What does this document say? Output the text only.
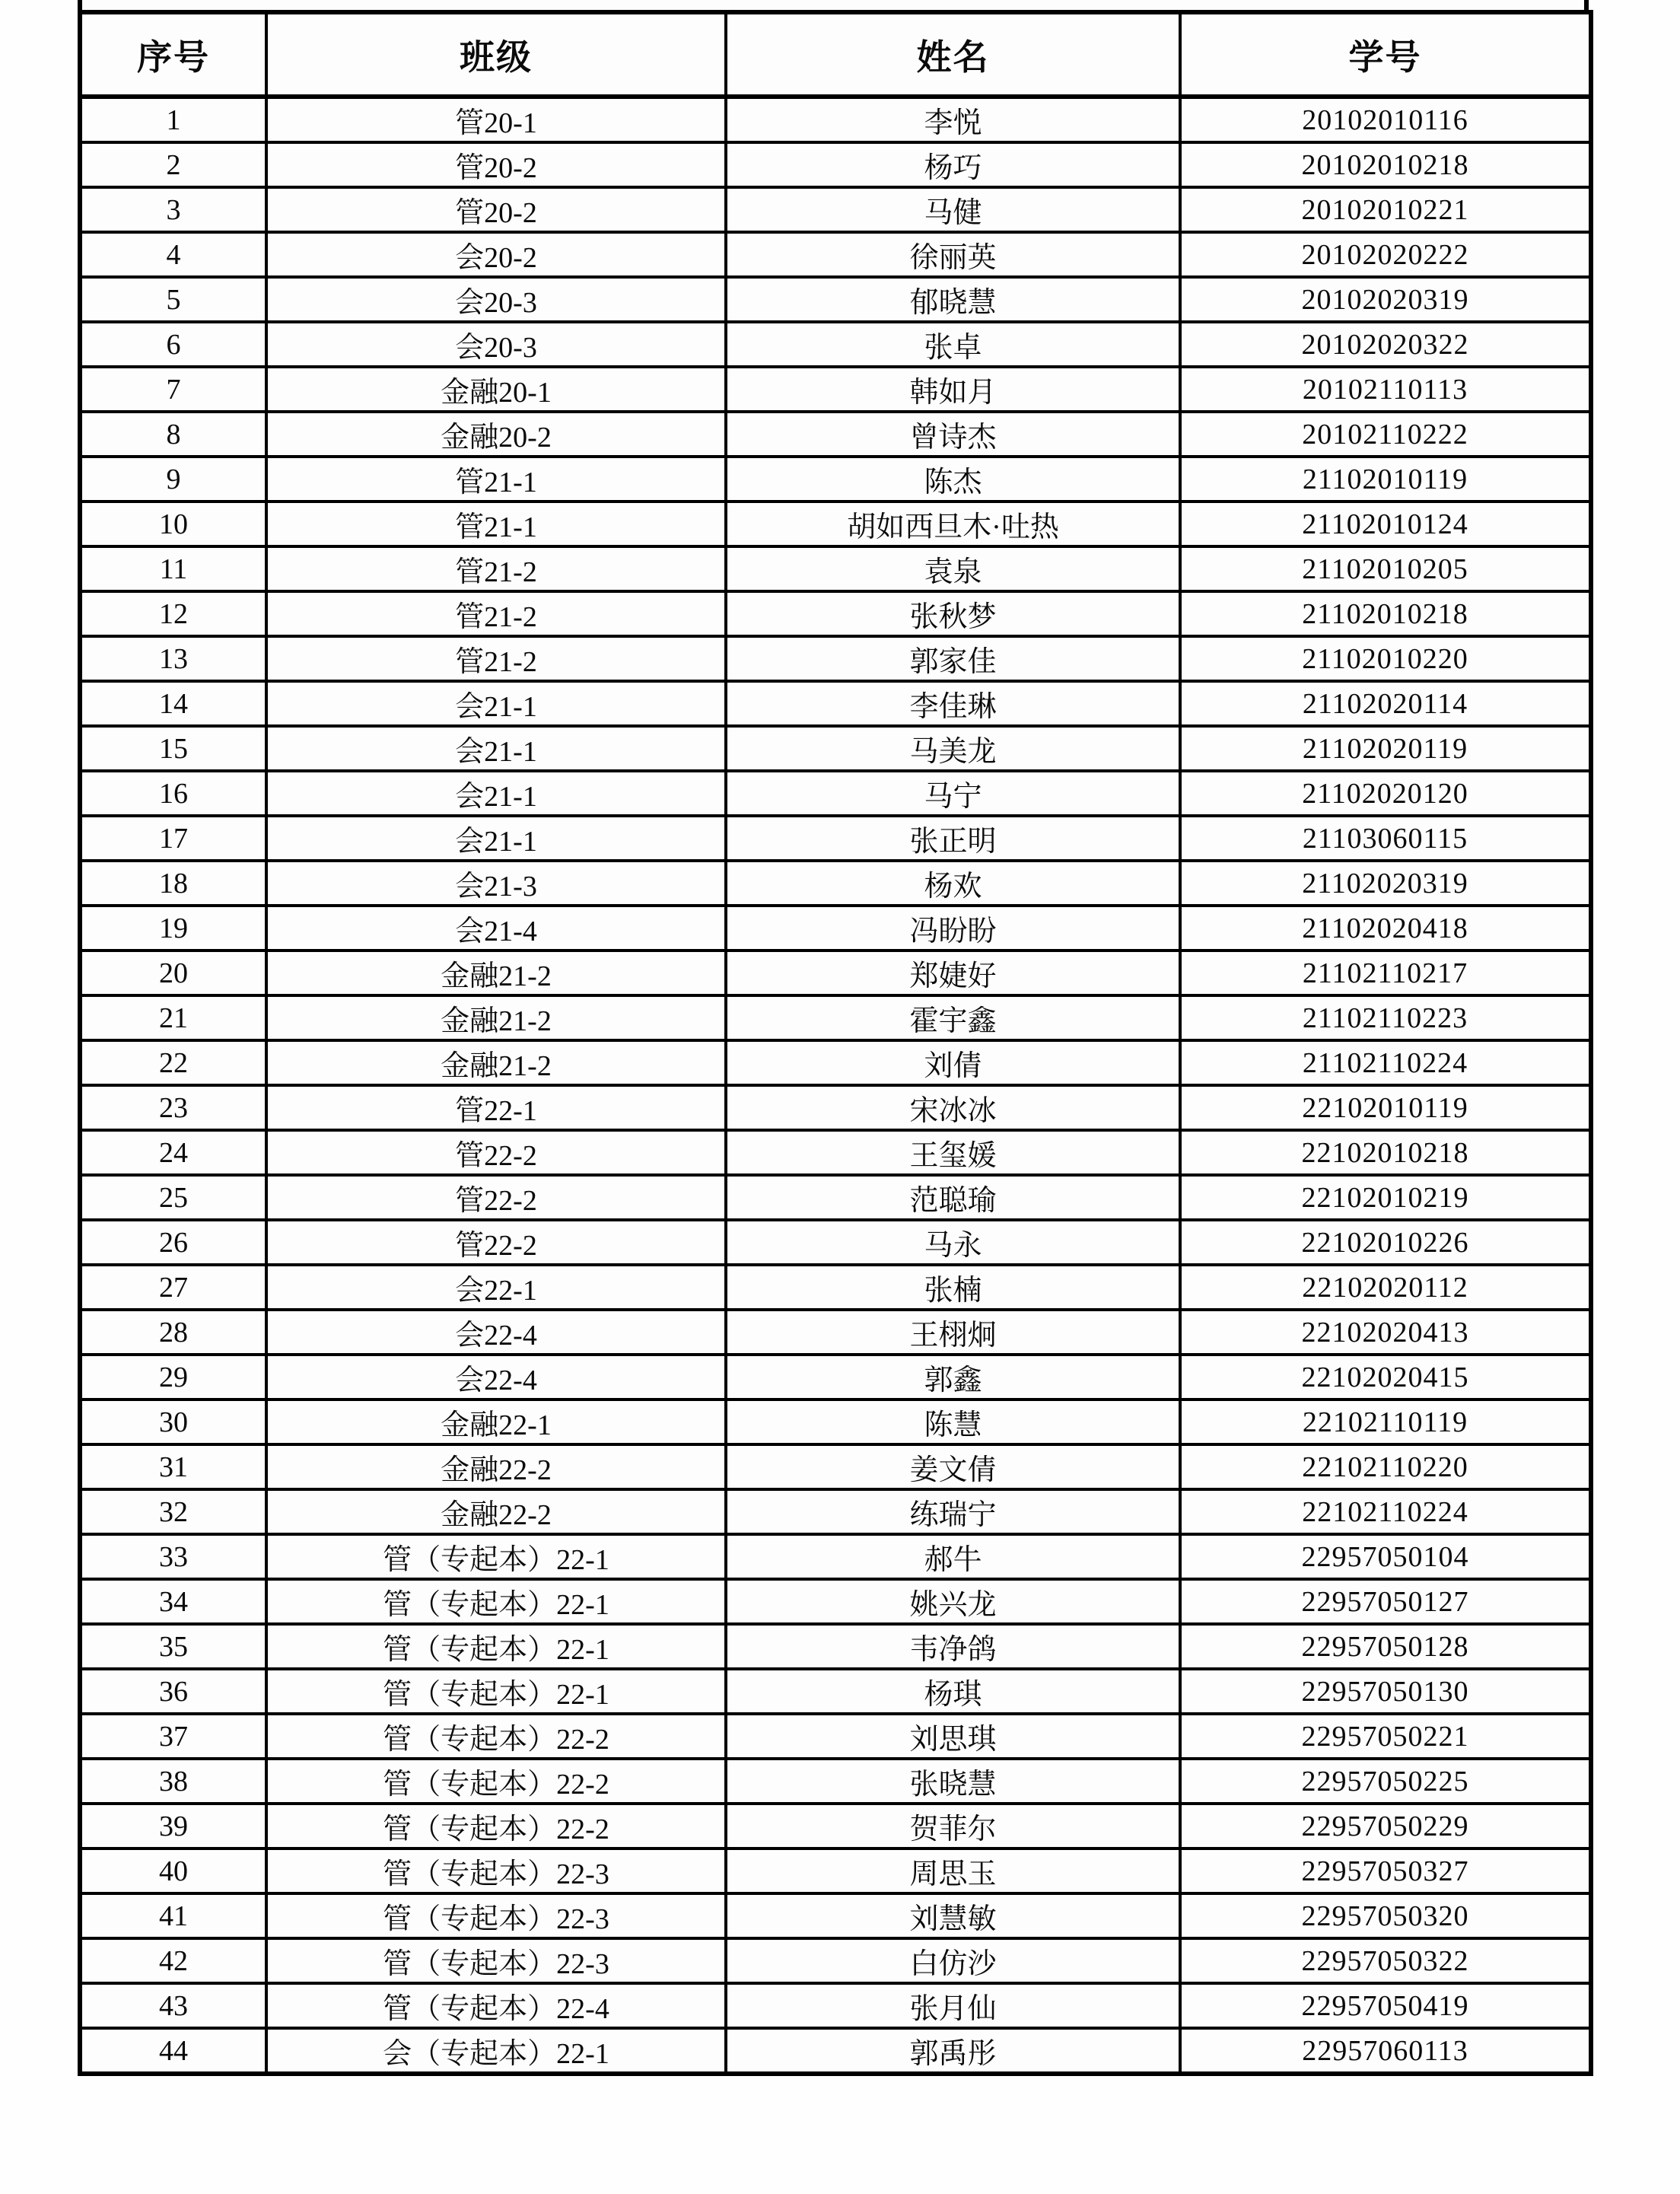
序号	班级	姓名	学号
1	管20-1	李悦	20102010116
2	管20-2	杨巧	20102010218
3	管20-2	马健	20102010221
4	会20-2	徐丽英	20102020222
5	会20-3	郁晓慧	20102020319
6	会20-3	张卓	20102020322
7	金融20-1	韩如月	20102110113
8	金融20-2	曾诗杰	20102110222
9	管21-1	陈杰	21102010119
10	管21-1	胡如西旦木·吐热	21102010124
11	管21-2	袁泉	21102010205
12	管21-2	张秋梦	21102010218
13	管21-2	郭家佳	21102010220
14	会21-1	李佳琳	21102020114
15	会21-1	马美龙	21102020119
16	会21-1	马宁	21102020120
17	会21-1	张正明	21103060115
18	会21-3	杨欢	21102020319
19	会21-4	冯盼盼	21102020418
20	金融21-2	郑婕好	21102110217
21	金融21-2	霍宇鑫	21102110223
22	金融21-2	刘倩	21102110224
23	管22-1	宋冰冰	22102010119
24	管22-2	王玺媛	22102010218
25	管22-2	范聪瑜	22102010219
26	管22-2	马永	22102010226
27	会22-1	张楠	22102020112
28	会22-4	王栩炯	22102020413
29	会22-4	郭鑫	22102020415
30	金融22-1	陈慧	22102110119
31	金融22-2	姜文倩	22102110220
32	金融22-2	练瑞宁	22102110224
33	管（专起本）22-1	郝牛	22957050104
34	管（专起本）22-1	姚兴龙	22957050127
35	管（专起本）22-1	韦净鸽	22957050128
36	管（专起本）22-1	杨琪	22957050130
37	管（专起本）22-2	刘思琪	22957050221
38	管（专起本）22-2	张晓慧	22957050225
39	管（专起本）22-2	贺菲尔	22957050229
40	管（专起本）22-3	周思玉	22957050327
41	管（专起本）22-3	刘慧敏	22957050320
42	管（专起本）22-3	白仿沙	22957050322
43	管（专起本）22-4	张月仙	22957050419
44	会（专起本）22-1	郭禹彤	22957060113
